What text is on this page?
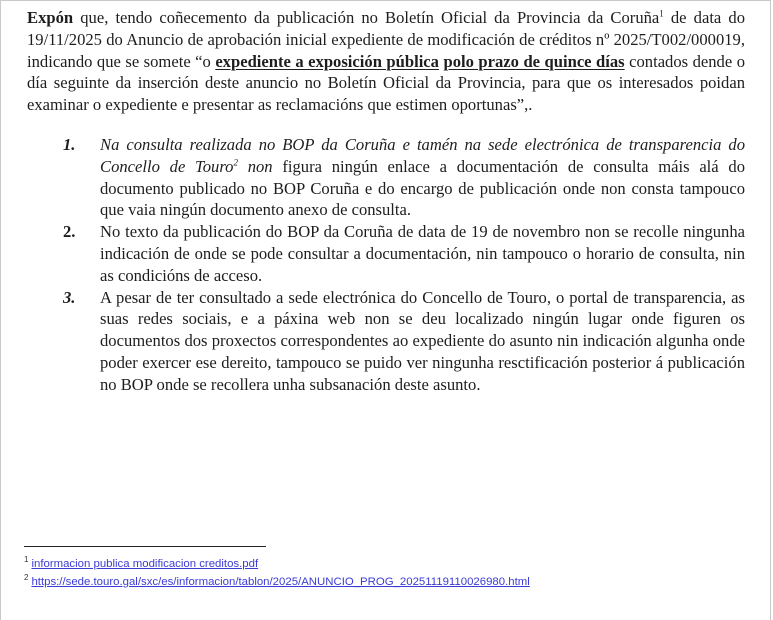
Expón que, tendo coñecemento da publicación no Boletín Oficial da Provincia da Coruña$^1$ de data do 19/11/2025 do Anuncio de aprobación inicial expediente de modificación de créditos nº 2025/T002/000019, indicando que se somete “o expediente a exposición pública polo prazo de quince días contados dende o día seguinte da inserción deste anuncio no Boletín Oficial da Provincia, para que os interesados poidan examinar o expediente e presentar as reclamacións que estimen oportunas”,.

1. Na consulta realizada no BOP da Coruña e tamén na sede electrónica de transparencia do Concello de Touro$^2$ non figura ningún enlace a documentación de consulta máis alá do documento publicado no BOP Coruña e do encargo de publicación onde non consta tampouco que vaia ningún documento anexo de consulta.
2. No texto da publicación do BOP da Coruña de data de 19 de novembro non se recolle ningunha indicación de onde se pode consultar a documentación, nin tampouco o horario de consulta, nin as condicións de acceso.
3. A pesar de ter consultado a sede electrónica do Concello de Touro, o portal de transparencia, as suas redes sociais, e a páxina web non se deu localizado ningún lugar onde figuren os documentos dos proxectos correspondentes ao expediente do asunto nin indicación algunha onde poder exercer ese dereito, tampouco se puido ver ningunha resctificación posterior á publicación no BOP onde se recollera unha subsanación deste asunto.
$^1$ informacion publica modificacion creditos.pdf
$^2$ https://sede.touro.gal/sxc/es/informacion/tablon/2025/ANUNCIO_PROG_20251119110026980.html
